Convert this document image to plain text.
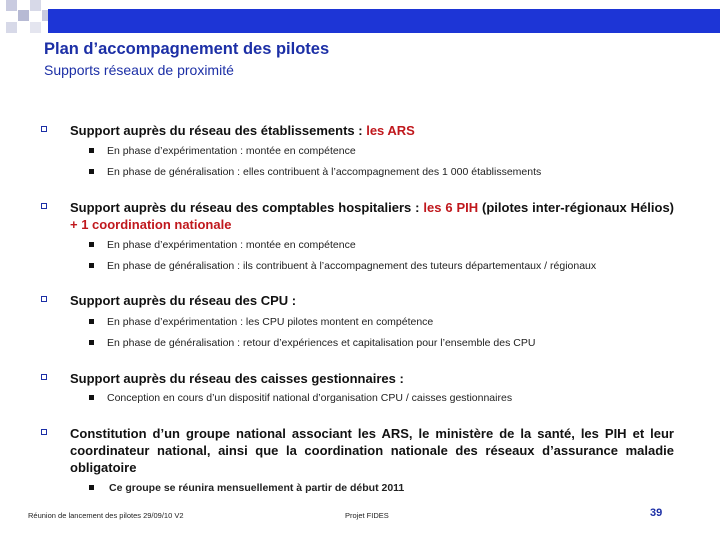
Plan d’accompagnement des pilotes
Supports réseaux de proximité
Support auprès du réseau des établissements : les ARS
En phase d’expérimentation : montée en compétence
En phase de généralisation : elles contribuent à l’accompagnement des 1 000 établissements
Support auprès du réseau des comptables hospitaliers : les 6 PIH (pilotes inter-régionaux Hélios) + 1 coordination nationale
En phase d’expérimentation : montée en compétence
En phase de généralisation : ils contribuent à l’accompagnement des tuteurs départementaux / régionaux
Support auprès du réseau des CPU :
En phase d’expérimentation : les CPU pilotes montent en compétence
En phase de généralisation : retour d’expériences et capitalisation pour l’ensemble des CPU
Support auprès du réseau des caisses gestionnaires :
Conception en cours d’un dispositif national d’organisation CPU / caisses gestionnaires
Constitution d’un groupe national associant les ARS, le ministère de la santé, les PIH et leur coordinateur national, ainsi que la coordination nationale des réseaux d’assurance maladie obligatoire
Ce groupe se réunira mensuellement à partir de début 2011
Réunion de lancement des pilotes 29/09/10 V2	Projet FIDES	39
